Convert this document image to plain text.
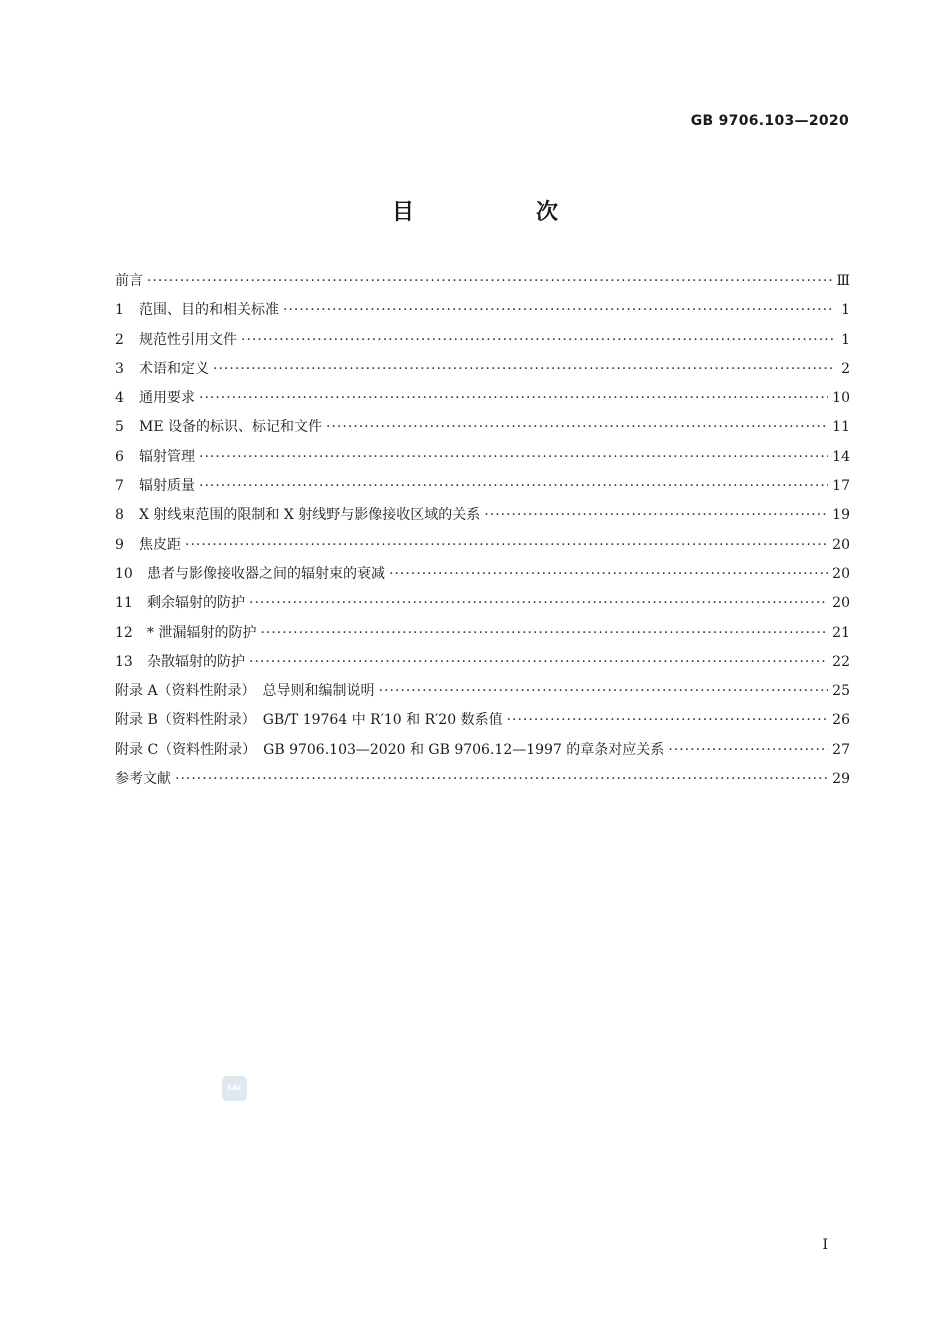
GB 9706.103—2020
目　次
前言 ·····	Ⅲ
1	范围、目的和相关标准 ·····	1
2	规范性引用文件 ·····	1
3	术语和定义 ·····	2
4	通用要求 ·····	10
5	ME 设备的标识、标记和文件 ·····	11
6	辐射管理 ·····	14
7	辐射质量 ·····	17
8	X 射线束范围的限制和 X 射线野与影像接收区域的关系 ·····	19
9	焦皮距 ·····	20
10	患者与影像接收器之间的辐射束的衰减 ·····	20
11	剩余辐射的防护 ·····	20
12	* 泄漏辐射的防护 ·····	21
13	杂散辐射的防护 ·····	22
附录 A（资料性附录）　总导则和编制说明 ·····	25
附录 B（资料性附录）　GB/T 19764 中 R′10 和 R′20 数系值 ·····	26
附录 C（资料性附录）　GB 9706.103—2020 和 GB 9706.12—1997 的章条对应关系 ·····	27
参考文献 ·····	29
SAC
I
